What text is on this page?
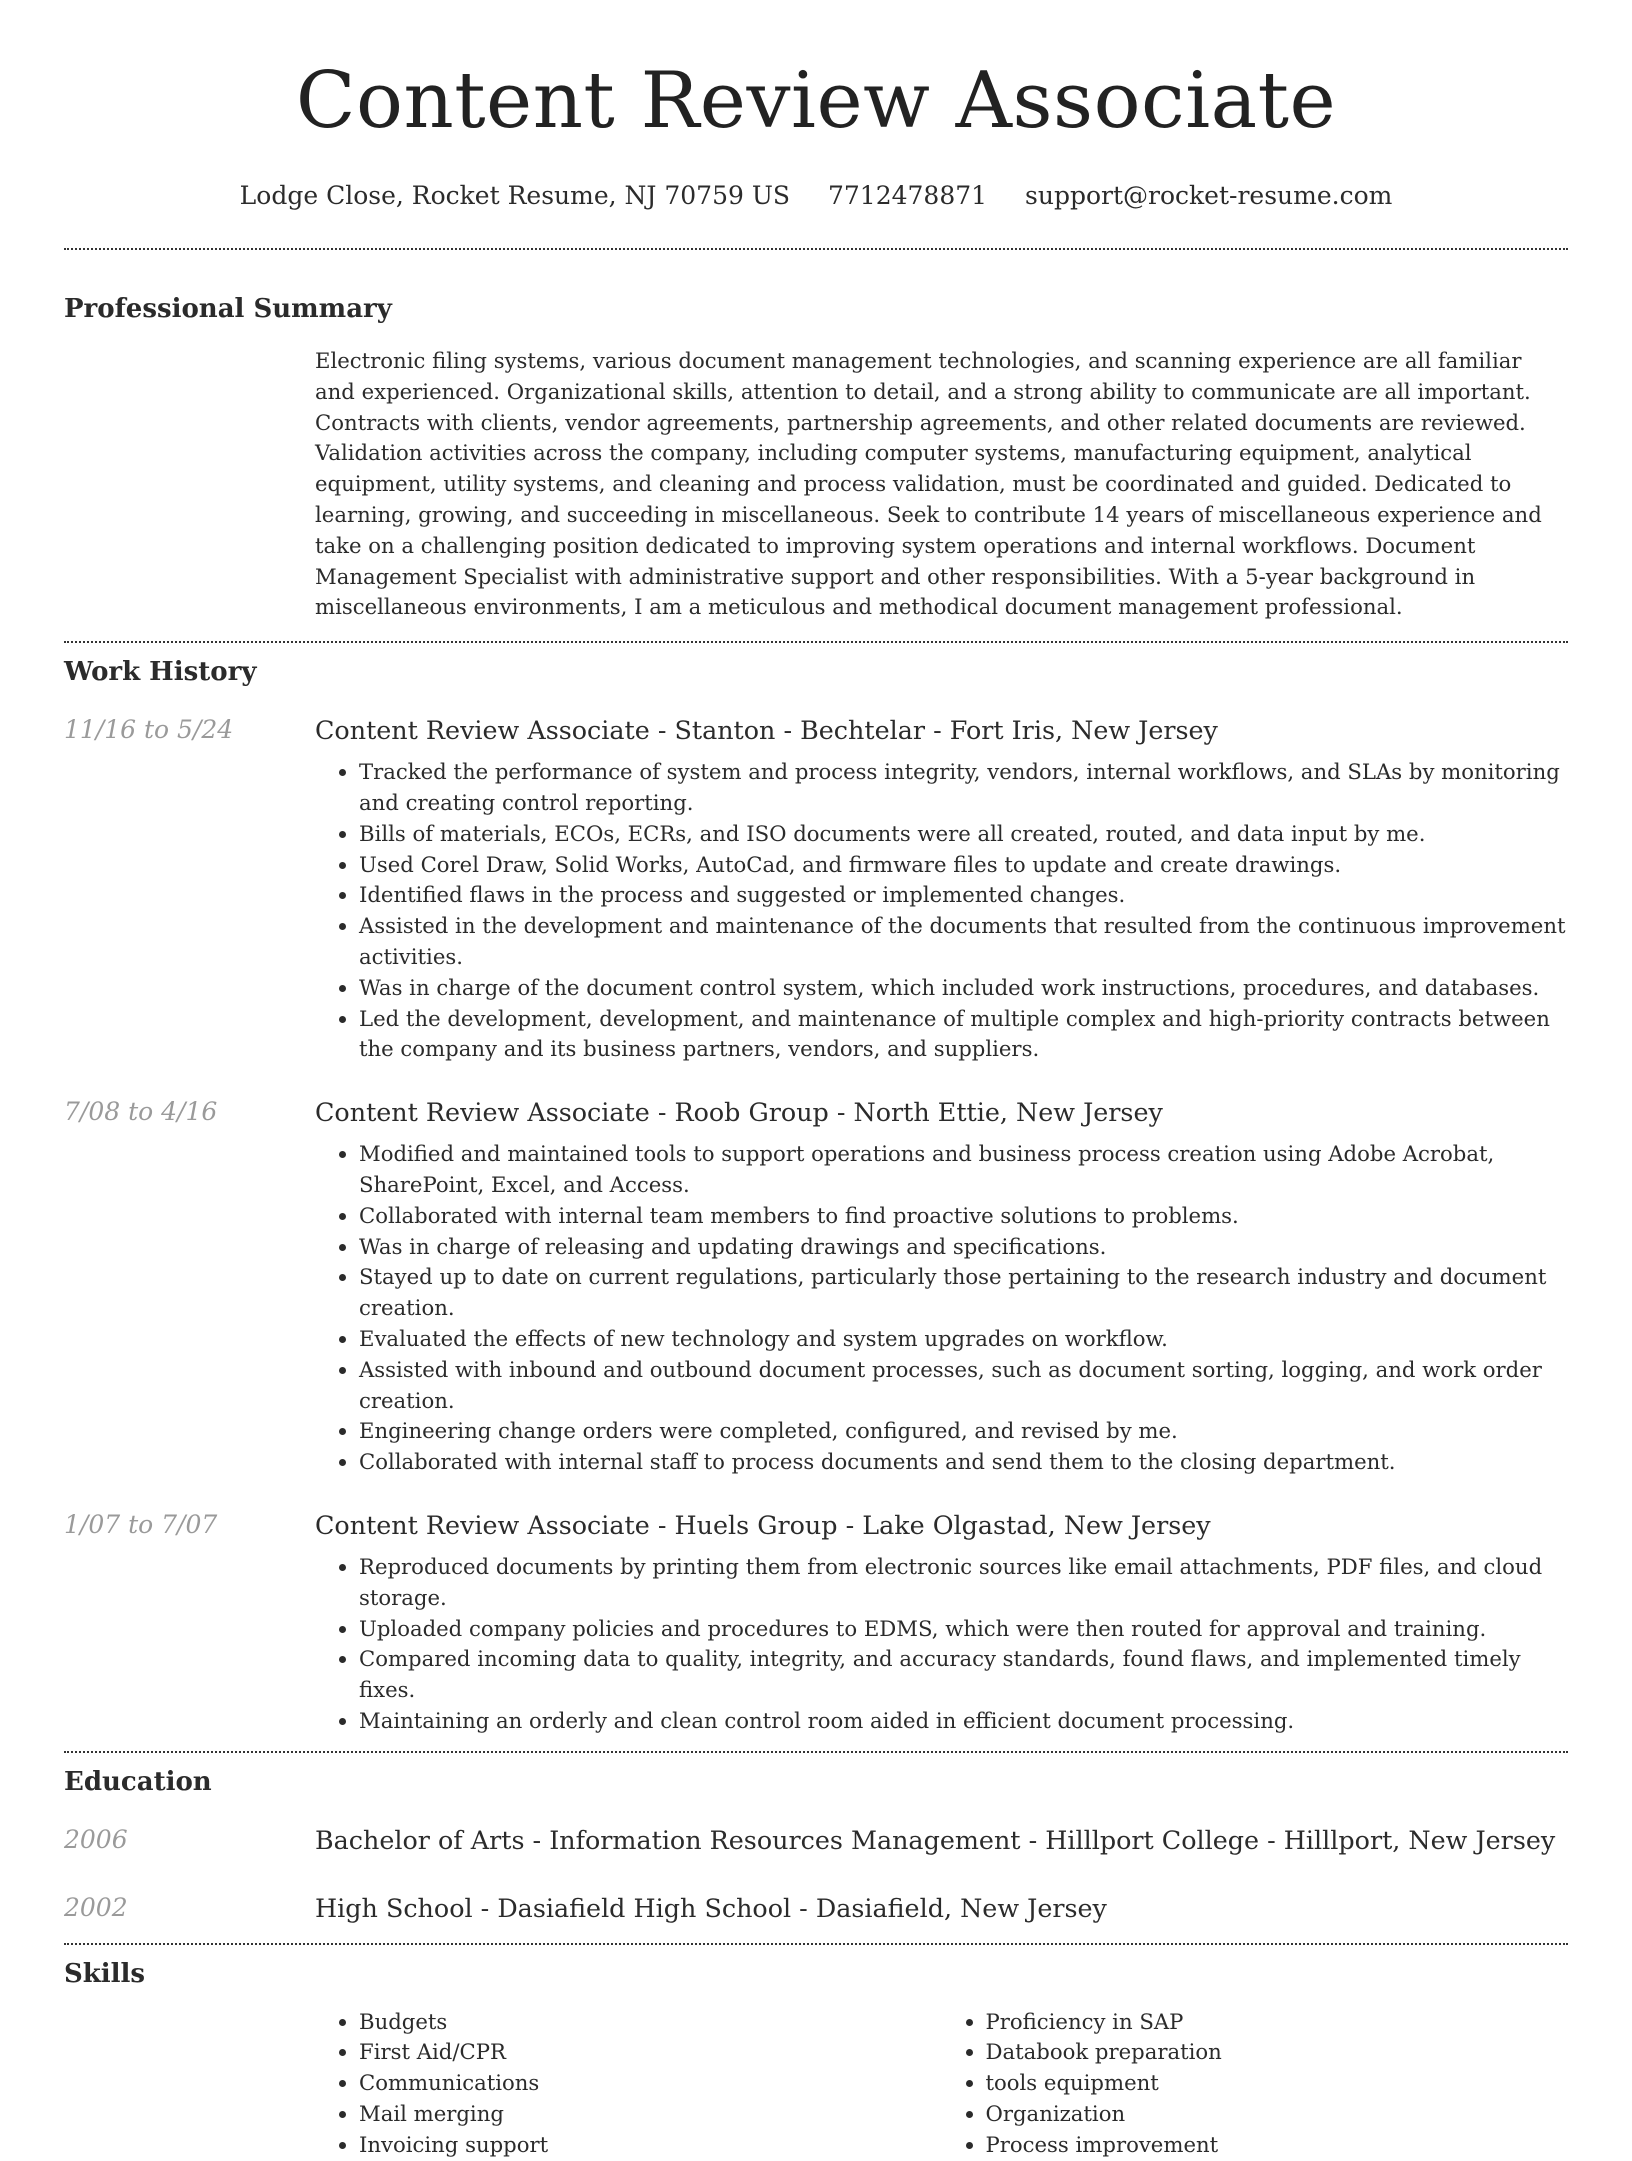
Content Review Associate
Lodge Close, Rocket Resume, NJ 70759 US 7712478871 support@rocket-resume.com
Professional Summary
Electronic filing systems, various document management technologies, and scanning experience are all familiar and experienced. Organizational skills, attention to detail, and a strong ability to communicate are all important. Contracts with clients, vendor agreements, partnership agreements, and other related documents are reviewed. Validation activities across the company, including computer systems, manufacturing equipment, analytical equipment, utility systems, and cleaning and process validation, must be coordinated and guided. Dedicated to learning, growing, and succeeding in miscellaneous. Seek to contribute 14 years of miscellaneous experience and take on a challenging position dedicated to improving system operations and internal workflows. Document Management Specialist with administrative support and other responsibilities. With a 5-year background in miscellaneous environments, I am a meticulous and methodical document management professional.
Work History
11/16 to 5/24	Content Review Associate - Stanton - Bechtelar - Fort Iris, New Jersey
• Tracked the performance of system and process integrity, vendors, internal workflows, and SLAs by monitoring and creating control reporting.
• Bills of materials, ECOs, ECRs, and ISO documents were all created, routed, and data input by me.
• Used Corel Draw, Solid Works, AutoCad, and firmware files to update and create drawings.
• Identified flaws in the process and suggested or implemented changes.
• Assisted in the development and maintenance of the documents that resulted from the continuous improvement activities.
• Was in charge of the document control system, which included work instructions, procedures, and databases.
• Led the development, development, and maintenance of multiple complex and high-priority contracts between the company and its business partners, vendors, and suppliers.
7/08 to 4/16	Content Review Associate - Roob Group - North Ettie, New Jersey
• Modified and maintained tools to support operations and business process creation using Adobe Acrobat, SharePoint, Excel, and Access.
• Collaborated with internal team members to find proactive solutions to problems.
• Was in charge of releasing and updating drawings and specifications.
• Stayed up to date on current regulations, particularly those pertaining to the research industry and document creation.
• Evaluated the effects of new technology and system upgrades on workflow.
• Assisted with inbound and outbound document processes, such as document sorting, logging, and work order creation.
• Engineering change orders were completed, configured, and revised by me.
• Collaborated with internal staff to process documents and send them to the closing department.
1/07 to 7/07	Content Review Associate - Huels Group - Lake Olgastad, New Jersey
• Reproduced documents by printing them from electronic sources like email attachments, PDF files, and cloud storage.
• Uploaded company policies and procedures to EDMS, which were then routed for approval and training.
• Compared incoming data to quality, integrity, and accuracy standards, found flaws, and implemented timely fixes.
• Maintaining an orderly and clean control room aided in efficient document processing.
Education
2006	Bachelor of Arts - Information Resources Management - Hilllport College - Hilllport, New Jersey
2002	High School - Dasiafield High School - Dasiafield, New Jersey
Skills
• Budgets
• First Aid/CPR
• Communications
• Mail merging
• Invoicing support
• Proficiency in SAP
• Databook preparation
• tools equipment
• Organization
• Process improvement
